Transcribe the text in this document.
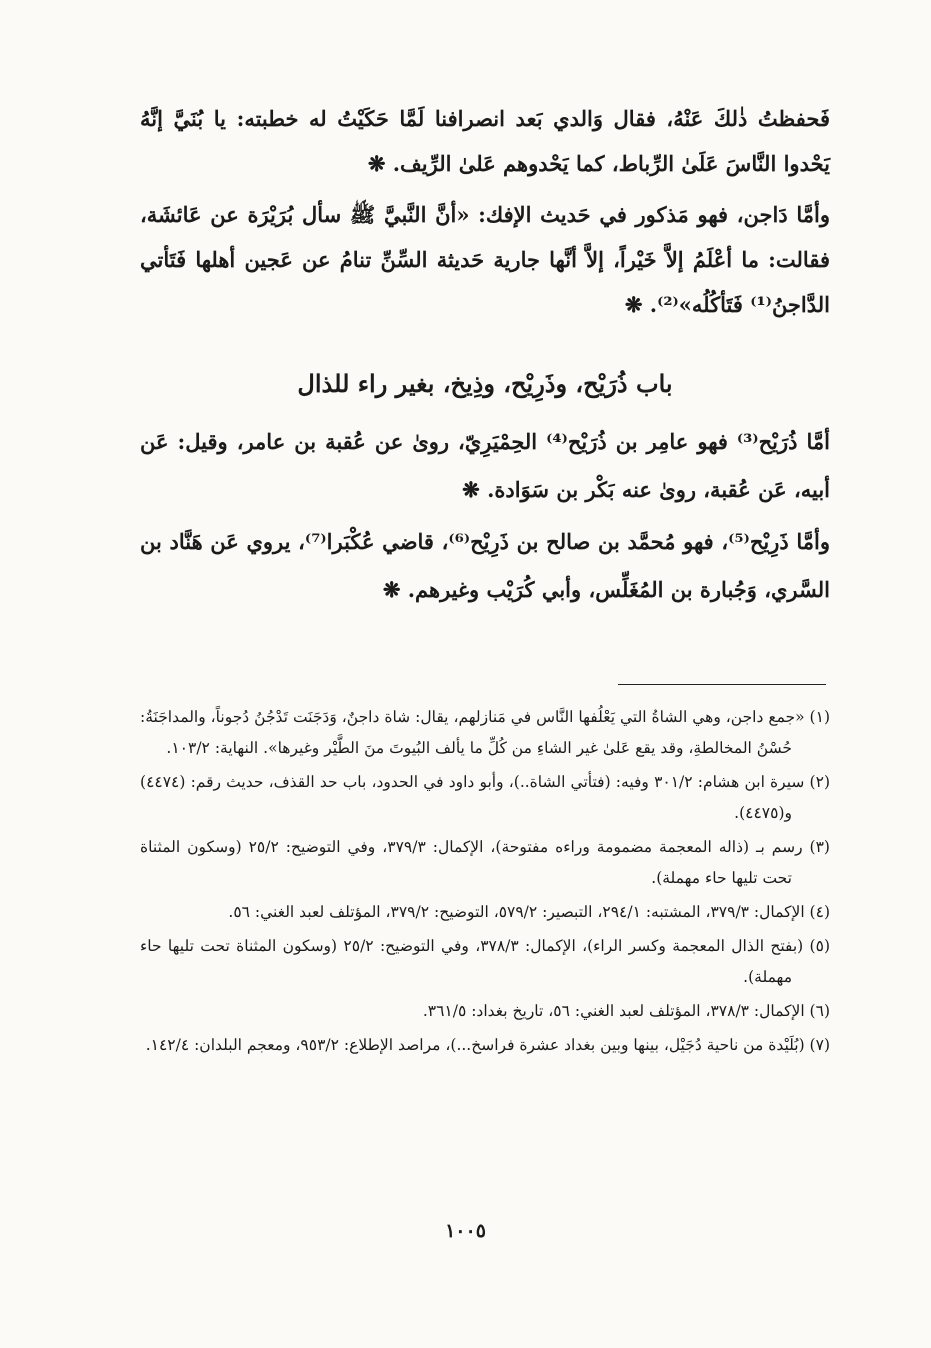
فَحفظتُ ذٰلكَ عَنْهُ، فقال وَالدي بَعد انصرافنا لَمَّا حَكَيْتُ له خطبته: يا بُنَيَّ إنَّهُ يَحْدوا النَّاسَ عَلَىٰ الرِّباط، كما يَحْدوهم عَلىٰ الرِّيف. ❋

وأمَّا دَاجن، فهو مَذكور في حَديث الإفك: «أنَّ النَّبيَّ ﷺ سأل بُرَيْرَة عن عَائشَة، فقالت: ما أعْلَمُ إلاَّ خَيْراً، إلاَّ أنَّها جارية حَديثة السِّنِّ تنامُ عن عَجين أهلها فَتَأتي الدَّاجنُ⁽¹⁾ فَتَأكُلُه»⁽²⁾. ❋

باب ذُرَيْح، وذَرِيْح، وذِيخ، بغير راء للذال

أمَّا ذُرَيْح⁽³⁾ فهو عامِر بن ذُرَيْح⁽⁴⁾ الحِمْيَرِيّ، روىٰ عن عُقبة بن عامر، وقيل: عَن أبيه، عَن عُقبة، روىٰ عنه بَكْر بن سَوَادة. ❋

وأمَّا ذَرِيْح⁽⁵⁾، فهو مُحمَّد بن صالح بن ذَرِيْح⁽⁶⁾، قاضي عُكْبَرا⁽⁷⁾، يروي عَن هَنَّاد بن السَّري، وَجُبارة بن المُغَلِّس، وأبي كُرَيْب وغيرهم. ❋

(١) «جمع داجن، وهي الشاةُ التي يَعْلُفها النَّاس في مَنازلهم، يقال: شاة داجنٌ، وَدَجَنَت تَدْجُنُ دُجوناً، والمداجَنَةُ: حُسْنُ المخالطةِ، وقد يقع عَلىٰ غير الشاءِ من كُلِّ ما يألف البُيوتَ منَ الطَّيْر وغيرها». النهاية: ١٠٣/٢.

(٢) سيرة ابن هشام: ٣٠١/٢ وفيه: (فتأتي الشاة..)، وأبو داود في الحدود، باب حد القذف، حديث رقم: (٤٤٧٤) و(٤٤٧٥).

(٣) رسم بـ (ذاله المعجمة مضمومة وراءه مفتوحة)، الإكمال: ٣٧٩/٣، وفي التوضيح: ٢٥/٢ (وسكون المثناة تحت تليها حاء مهملة).

(٤) الإكمال: ٣٧٩/٣، المشتبه: ٢٩٤/١، التبصير: ٥٧٩/٢، التوضيح: ٣٧٩/٢، المؤتلف لعبد الغني: ٥٦.

(٥) (بفتح الذال المعجمة وكسر الراء)، الإكمال: ٣٧٨/٣، وفي التوضيح: ٢٥/٢ (وسكون المثناة تحت تليها حاء مهملة).

(٦) الإكمال: ٣٧٨/٣، المؤتلف لعبد الغني: ٥٦، تاريخ بغداد: ٣٦١/٥.

(٧) (بُلَيْدة من ناحية دُجَيْل، بينها وبين بغداد عشرة فراسخ...)، مراصد الإطلاع: ٩٥٣/٢، ومعجم البلدان: ١٤٢/٤.

١٠٠٥
